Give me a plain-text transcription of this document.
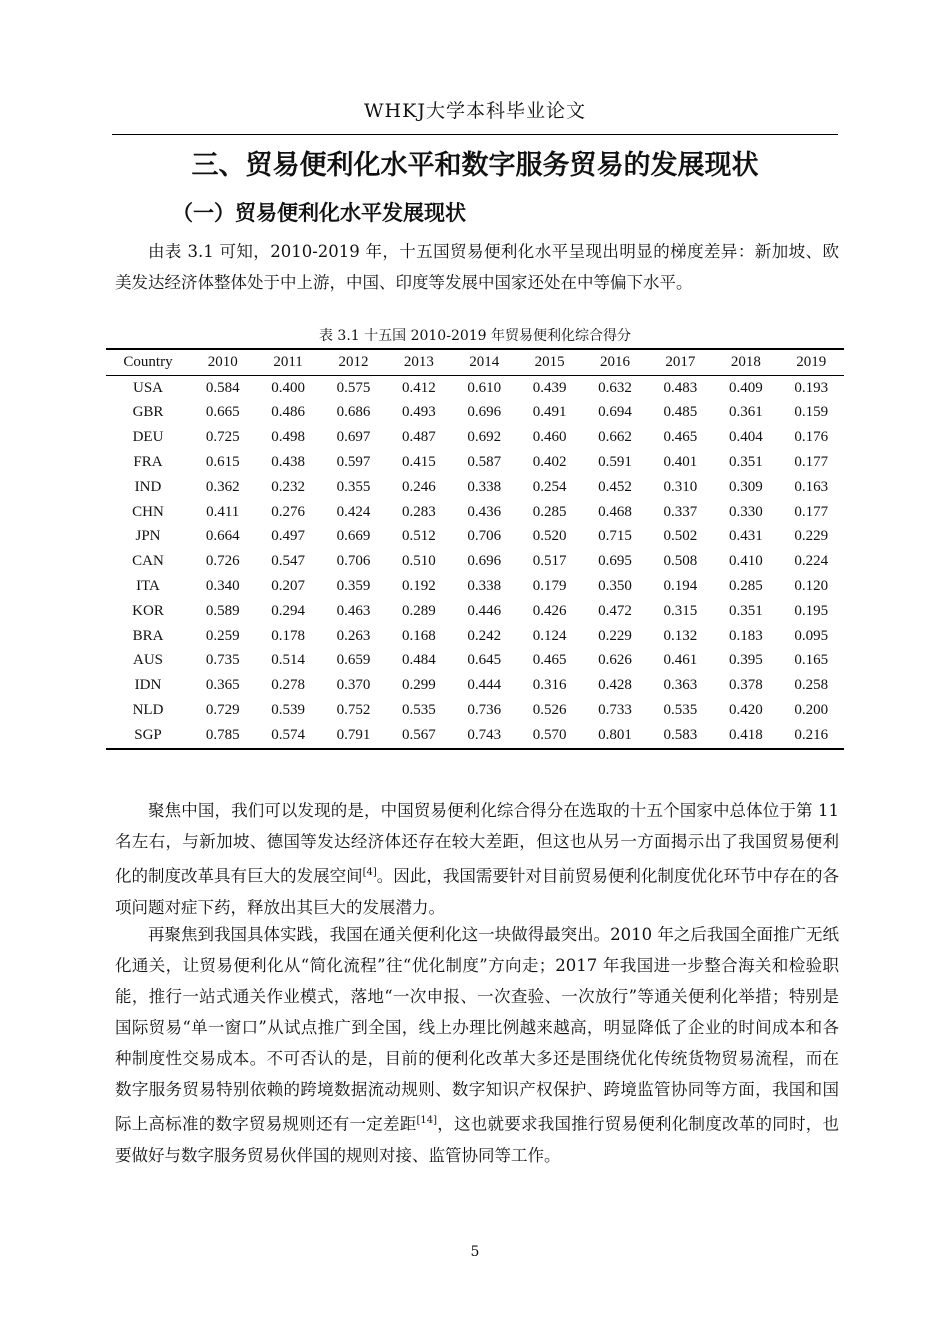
WHKJ大学本科毕业论文
三、贸易便利化水平和数字服务贸易的发展现状
（一）贸易便利化水平发展现状

由表 3.1 可知，2010-2019 年，十五国贸易便利化水平呈现出明显的梯度差异：新加坡、欧美发达经济体整体处于中上游，中国、印度等发展中国家还处在中等偏下水平。

表 3.1 十五国 2010-2019 年贸易便利化综合得分
Country	2010	2011	2012	2013	2014	2015	2016	2017	2018	2019
USA	0.584	0.400	0.575	0.412	0.610	0.439	0.632	0.483	0.409	0.193
GBR	0.665	0.486	0.686	0.493	0.696	0.491	0.694	0.485	0.361	0.159
DEU	0.725	0.498	0.697	0.487	0.692	0.460	0.662	0.465	0.404	0.176
FRA	0.615	0.438	0.597	0.415	0.587	0.402	0.591	0.401	0.351	0.177
IND	0.362	0.232	0.355	0.246	0.338	0.254	0.452	0.310	0.309	0.163
CHN	0.411	0.276	0.424	0.283	0.436	0.285	0.468	0.337	0.330	0.177
JPN	0.664	0.497	0.669	0.512	0.706	0.520	0.715	0.502	0.431	0.229
CAN	0.726	0.547	0.706	0.510	0.696	0.517	0.695	0.508	0.410	0.224
ITA	0.340	0.207	0.359	0.192	0.338	0.179	0.350	0.194	0.285	0.120
KOR	0.589	0.294	0.463	0.289	0.446	0.426	0.472	0.315	0.351	0.195
BRA	0.259	0.178	0.263	0.168	0.242	0.124	0.229	0.132	0.183	0.095
AUS	0.735	0.514	0.659	0.484	0.645	0.465	0.626	0.461	0.395	0.165
IDN	0.365	0.278	0.370	0.299	0.444	0.316	0.428	0.363	0.378	0.258
NLD	0.729	0.539	0.752	0.535	0.736	0.526	0.733	0.535	0.420	0.200
SGP	0.785	0.574	0.791	0.567	0.743	0.570	0.801	0.583	0.418	0.216

聚焦中国，我们可以发现的是，中国贸易便利化综合得分在选取的十五个国家中总体位于第 11 名左右，与新加坡、德国等发达经济体还存在较大差距，但这也从另一方面揭示出了我国贸易便利化的制度改革具有巨大的发展空间[4]。因此，我国需要针对目前贸易便利化制度优化环节中存在的各项问题对症下药，释放出其巨大的发展潜力。

再聚焦到我国具体实践，我国在通关便利化这一块做得最突出。2010 年之后我国全面推广无纸化通关，让贸易便利化从“简化流程”往“优化制度”方向走；2017 年我国进一步整合海关和检验职能，推行一站式通关作业模式，落地“一次申报、一次查验、一次放行”等通关便利化举措；特别是国际贸易“单一窗口”从试点推广到全国，线上办理比例越来越高，明显降低了企业的时间成本和各种制度性交易成本。不可否认的是，目前的便利化改革大多还是围绕优化传统货物贸易流程，而在数字服务贸易特别依赖的跨境数据流动规则、数字知识产权保护、跨境监管协同等方面，我国和国际上高标准的数字贸易规则还有一定差距[14]，这也就要求我国推行贸易便利化制度改革的同时，也要做好与数字服务贸易伙伴国的规则对接、监管协同等工作。

5
